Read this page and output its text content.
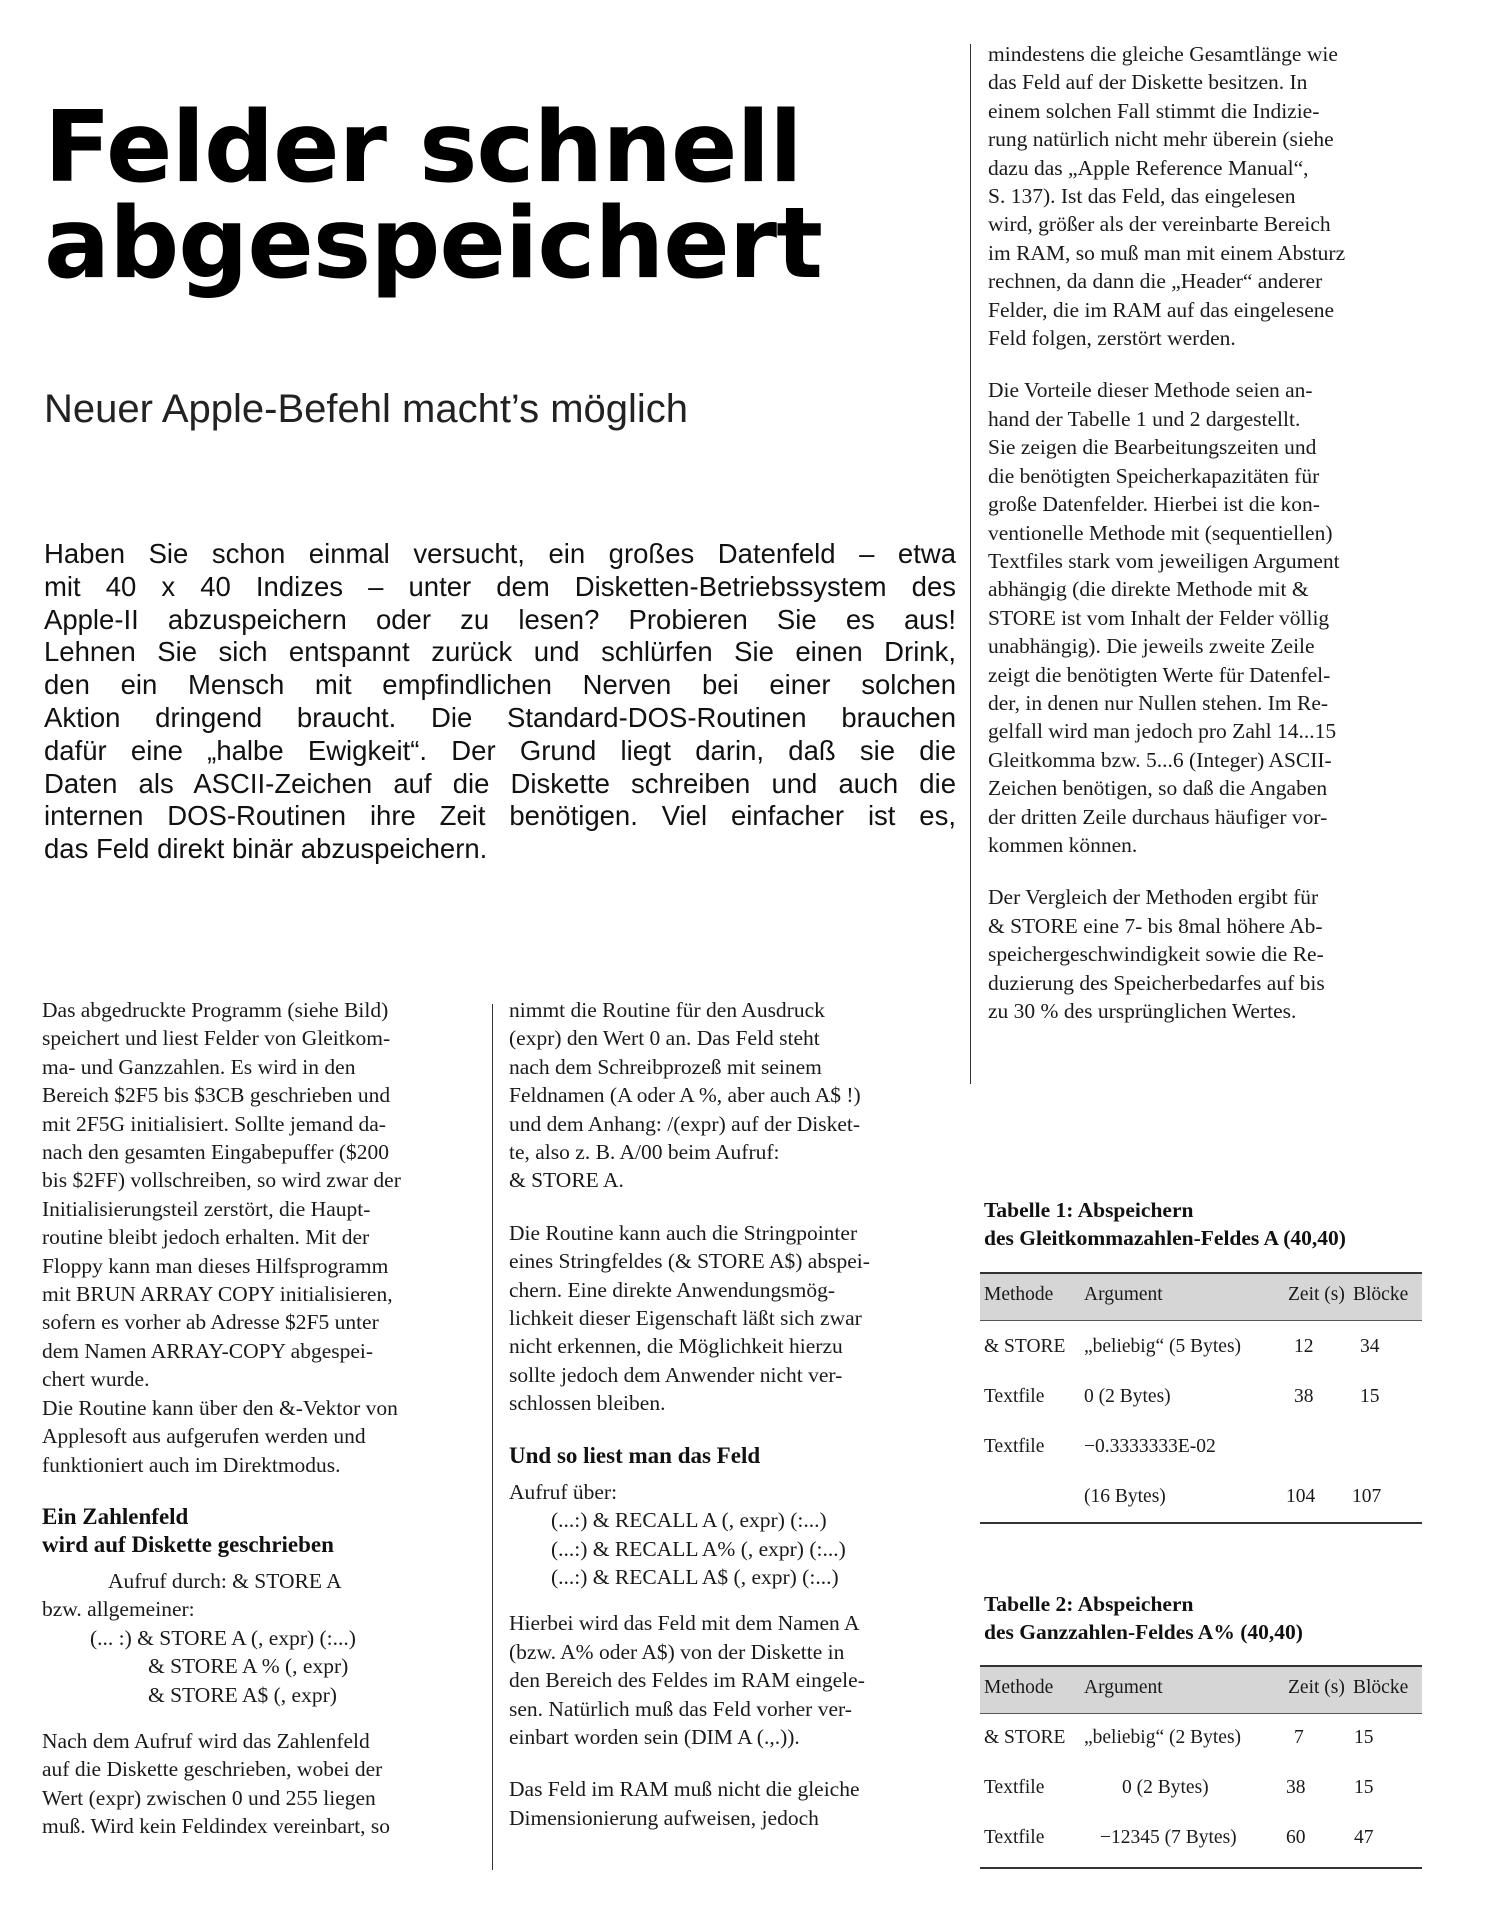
Felder schnell
abgespeichert
Neuer Apple-Befehl macht’s möglich
Haben Sie schon einmal versucht, ein großes Datenfeld – etwa
mit 40 x 40 Indizes – unter dem Disketten-Betriebssystem des
Apple-II abzuspeichern oder zu lesen? Probieren Sie es aus!
Lehnen Sie sich entspannt zurück und schlürfen Sie einen Drink,
den ein Mensch mit empfindlichen Nerven bei einer solchen
Aktion dringend braucht. Die Standard-DOS-Routinen brauchen
dafür eine „halbe Ewigkeit“. Der Grund liegt darin, daß sie die
Daten als ASCII-Zeichen auf die Diskette schreiben und auch die
internen DOS-Routinen ihre Zeit benötigen. Viel einfacher ist es,
das Feld direkt binär abzuspeichern.
Das abgedruckte Programm (siehe Bild)
speichert und liest Felder von Gleitkom-
ma- und Ganzzahlen. Es wird in den
Bereich $2F5 bis $3CB geschrieben und
mit 2F5G initialisiert. Sollte jemand da-
nach den gesamten Eingabepuffer ($200
bis $2FF) vollschreiben, so wird zwar der
Initialisierungsteil zerstört, die Haupt-
routine bleibt jedoch erhalten. Mit der
Floppy kann man dieses Hilfsprogramm
mit BRUN ARRAY COPY initialisieren,
sofern es vorher ab Adresse $2F5 unter
dem Namen ARRAY-COPY abgespei-
chert wurde.
Die Routine kann über den &-Vektor von
Applesoft aus aufgerufen werden und
funktioniert auch im Direktmodus.
Ein Zahlenfeld
wird auf Diskette geschrieben
Aufruf durch: & STORE A
bzw. allgemeiner:
(... :) & STORE A (, expr) (:...)
& STORE A % (, expr)
& STORE A$ (, expr)
Nach dem Aufruf wird das Zahlenfeld
auf die Diskette geschrieben, wobei der
Wert (expr) zwischen 0 und 255 liegen
muß. Wird kein Feldindex vereinbart, so
nimmt die Routine für den Ausdruck
(expr) den Wert 0 an. Das Feld steht
nach dem Schreibprozeß mit seinem
Feldnamen (A oder A %, aber auch A$ !)
und dem Anhang: /(expr) auf der Disket-
te, also z. B. A/00 beim Aufruf:
& STORE A.
Die Routine kann auch die Stringpointer
eines Stringfeldes (& STORE A$) abspei-
chern. Eine direkte Anwendungsmög-
lichkeit dieser Eigenschaft läßt sich zwar
nicht erkennen, die Möglichkeit hierzu
sollte jedoch dem Anwender nicht ver-
schlossen bleiben.
Und so liest man das Feld
Aufruf über:
(...:) & RECALL A (, expr) (:...)
(...:) & RECALL A% (, expr) (:...)
(...:) & RECALL A$ (, expr) (:...)
Hierbei wird das Feld mit dem Namen A
(bzw. A% oder A$) von der Diskette in
den Bereich des Feldes im RAM eingele-
sen. Natürlich muß das Feld vorher ver-
einbart worden sein (DIM A (.,.)).
Das Feld im RAM muß nicht die gleiche
Dimensionierung aufweisen, jedoch
mindestens die gleiche Gesamtlänge wie
das Feld auf der Diskette besitzen. In
einem solchen Fall stimmt die Indizie-
rung natürlich nicht mehr überein (siehe
dazu das „Apple Reference Manual“,
S. 137). Ist das Feld, das eingelesen
wird, größer als der vereinbarte Bereich
im RAM, so muß man mit einem Absturz
rechnen, da dann die „Header“ anderer
Felder, die im RAM auf das eingelesene
Feld folgen, zerstört werden.
Die Vorteile dieser Methode seien an-
hand der Tabelle 1 und 2 dargestellt.
Sie zeigen die Bearbeitungszeiten und
die benötigten Speicherkapazitäten für
große Datenfelder. Hierbei ist die kon-
ventionelle Methode mit (sequentiellen)
Textfiles stark vom jeweiligen Argument
abhängig (die direkte Methode mit &
STORE ist vom Inhalt der Felder völlig
unabhängig). Die jeweils zweite Zeile
zeigt die benötigten Werte für Datenfel-
der, in denen nur Nullen stehen. Im Re-
gelfall wird man jedoch pro Zahl 14...15
Gleitkomma bzw. 5...6 (Integer) ASCII-
Zeichen benötigen, so daß die Angaben
der dritten Zeile durchaus häufiger vor-
kommen können.
Der Vergleich der Methoden ergibt für
& STORE eine 7- bis 8mal höhere Ab-
speichergeschwindigkeit sowie die Re-
duzierung des Speicherbedarfes auf bis
zu 30 % des ursprünglichen Wertes.
Tabelle 1: Abspeichern
des Gleitkommazahlen-Feldes A (40,40)
Methode Argument	Zeit (s) Blöcke
& STORE „beliebig“ (5 Bytes)	12 34
Textfile 0 (2 Bytes)	38 15
Textfile −0.3333333E-02
(16 Bytes)	104 107
Tabelle 2: Abspeichern
des Ganzzahlen-Feldes A% (40,40)
Methode Argument	Zeit (s) Blöcke
& STORE „beliebig“ (2 Bytes)	7	15
Textfile	0 (2 Bytes)	38 15
Textfile	−12345 (7 Bytes)	60 47
